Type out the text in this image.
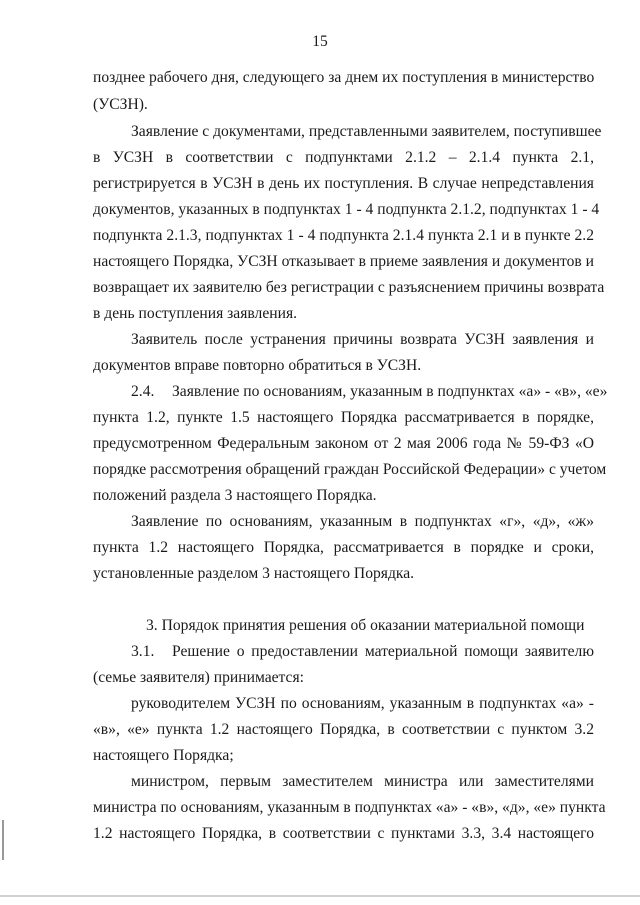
15
позднее рабочего дня, следующего за днем их поступления в министерство
(УСЗН).
Заявление с документами, представленными заявителем, поступившее
в УСЗН в соответствии с подпунктами 2.1.2 – 2.1.4 пункта 2.1,
регистрируется в УСЗН в день их поступления. В случае непредставления
документов, указанных в подпунктах 1 - 4 подпункта 2.1.2, подпунктах 1 - 4
подпункта 2.1.3, подпунктах 1 - 4 подпункта 2.1.4 пункта 2.1 и в пункте 2.2
настоящего Порядка, УСЗН отказывает в приеме заявления и документов и
возвращает их заявителю без регистрации с разъяснением причины возврата
в день поступления заявления.
Заявитель после устранения причины возврата УСЗН заявления и
документов вправе повторно обратиться в УСЗН.
2.4.	Заявление по основаниям, указанным в подпунктах «а» - «в», «е»
пункта 1.2, пункте 1.5 настоящего Порядка рассматривается в порядке,
предусмотренном Федеральным законом от 2 мая 2006 года № 59-ФЗ «О
порядке рассмотрения обращений граждан Российской Федерации» с учетом
положений раздела 3 настоящего Порядка.
Заявление по основаниям, указанным в подпунктах «г», «д», «ж»
пункта 1.2 настоящего Порядка, рассматривается в порядке и сроки,
установленные разделом 3 настоящего Порядка.
3. Порядок принятия решения об оказании материальной помощи
3.1.	Решение о предоставлении материальной помощи заявителю
(семье заявителя) принимается:
руководителем УСЗН по основаниям, указанным в подпунктах «а» -
«в», «е» пункта 1.2 настоящего Порядка, в соответствии с пунктом 3.2
настоящего Порядка;
министром, первым заместителем министра или заместителями
министра по основаниям, указанным в подпунктах «а» - «в», «д», «е» пункта
1.2 настоящего Порядка, в соответствии с пунктами 3.3, 3.4 настоящего
